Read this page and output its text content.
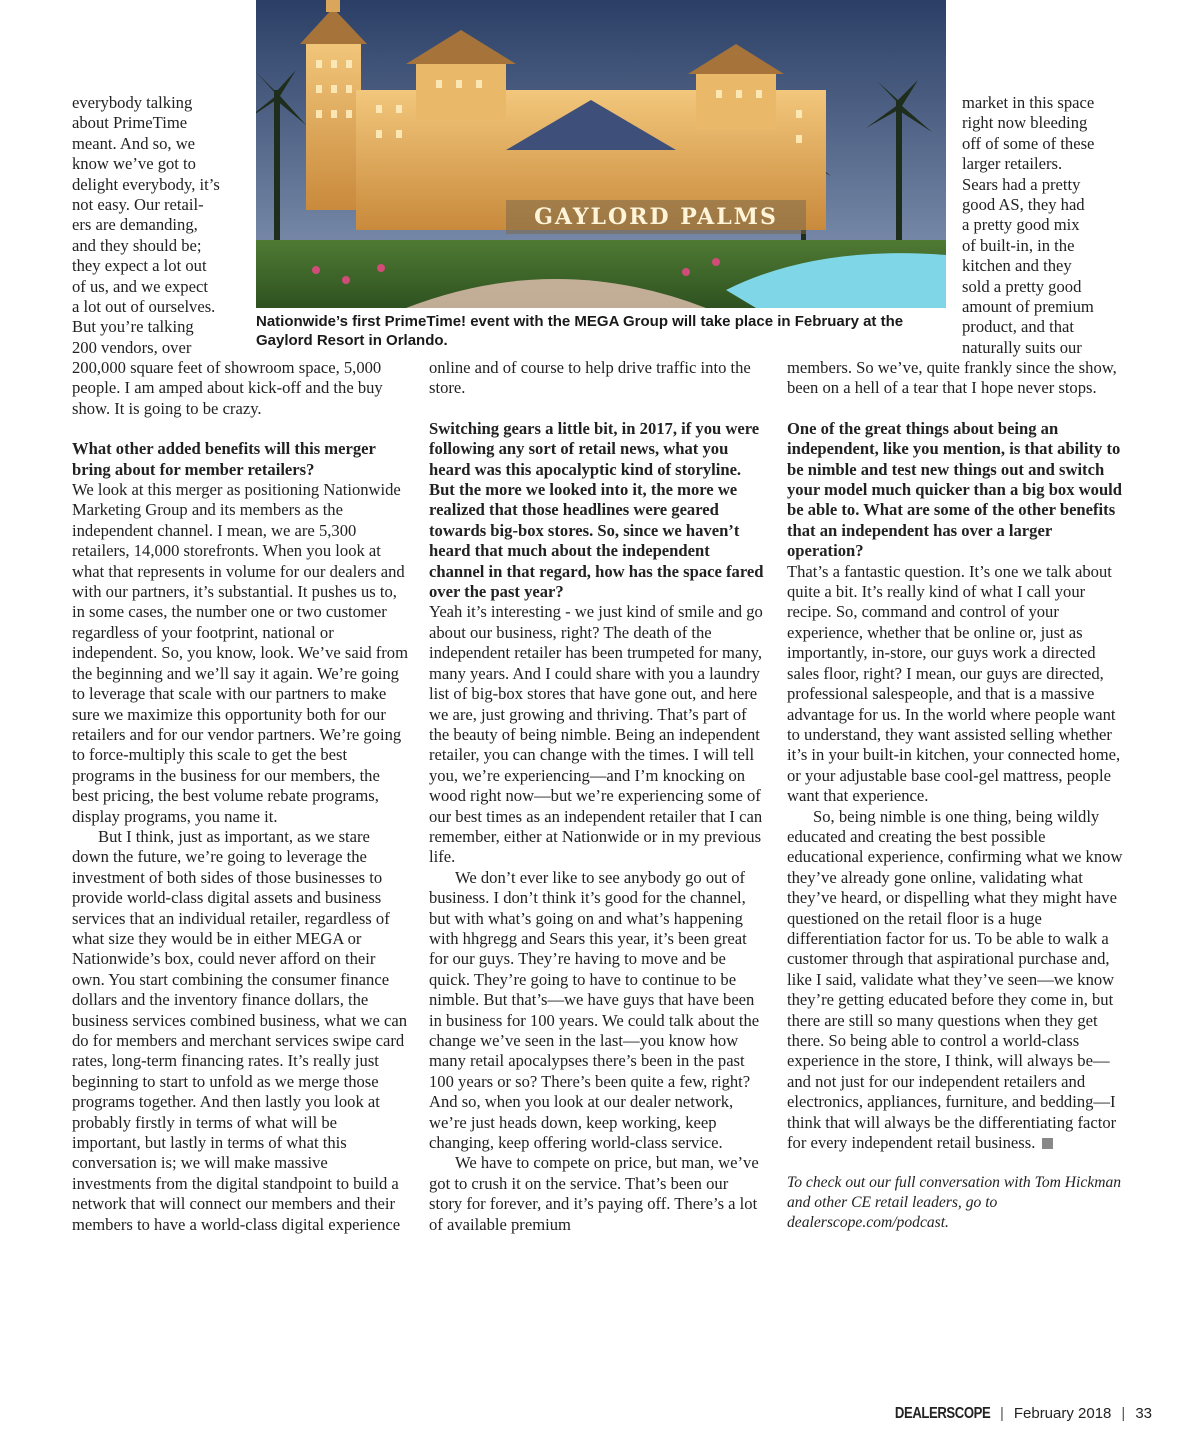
GAYLORD PALMS
Nationwide’s first PrimeTime! event with the MEGA Group will take place in February at the Gaylord Resort in Orlando.
everybody talking
about PrimeTime
meant. And so, we
know we’ve got to
delight everybody, it’s
not easy. Our retail-
ers are demanding,
and they should be;
they expect a lot out
of us, and we expect
a lot out of ourselves.
But you’re talking
200 vendors, over

200,000 square feet of showroom space, 5,000 people. I am amped about kick-off and the buy show. It is going to be crazy.

What other added benefits will this merger bring about for member retailers?

We look at this merger as positioning Nationwide Marketing Group and its members as the independent channel. I mean, we are 5,300 retailers, 14,000 storefronts. When you look at what that represents in volume for our dealers and with our partners, it’s substantial. It pushes us to, in some cases, the number one or two customer regardless of your footprint, national or independent. So, you know, look. We’ve said from the beginning and we’ll say it again. We’re going to leverage that scale with our partners to make sure we maximize this opportunity both for our retailers and for our vendor partners. We’re going to force-multiply this scale to get the best programs in the business for our members, the best pricing, the best volume rebate programs, display programs, you name it.

But I think, just as important, as we stare down the future, we’re going to leverage the investment of both sides of those businesses to provide world-class digital assets and business services that an individual retailer, regardless of what size they would be in either MEGA or Nationwide’s box, could never afford on their own. You start combining the consumer finance dollars and the inventory finance dollars, the business services combined business, what we can do for members and merchant services swipe card rates, long-term financing rates. It’s really just beginning to start to unfold as we merge those programs together. And then lastly you look at probably firstly in terms of what will be important, but lastly in terms of what this conversation is; we will make massive investments from the digital standpoint to build a network that will connect our members and their members to have a world-class digital experience

online and of course to help drive traffic into the store.

Switching gears a little bit, in 2017, if you were following any sort of retail news, what you heard was this apocalyptic kind of storyline. But the more we looked into it, the more we realized that those headlines were geared towards big-box stores. So, since we haven’t heard that much about the independent channel in that regard, how has the space fared over the past year?

Yeah it’s interesting - we just kind of smile and go about our business, right? The death of the independent retailer has been trumpeted for many, many years. And I could share with you a laundry list of big-box stores that have gone out, and here we are, just growing and thriving. That’s part of the beauty of being nimble. Being an independent retailer, you can change with the times. I will tell you, we’re experiencing—and I’m knocking on wood right now—but we’re experiencing some of our best times as an independent retailer that I can remember, either at Nationwide or in my previous life.

We don’t ever like to see anybody go out of business. I don’t think it’s good for the channel, but with what’s going on and what’s happening with hhgregg and Sears this year, it’s been great for our guys. They’re having to move and be quick. They’re going to have to continue to be nimble. But that’s—we have guys that have been in business for 100 years. We could talk about the change we’ve seen in the last—you know how many retail apocalypses there’s been in the past 100 years or so? There’s been quite a few, right? And so, when you look at our dealer network, we’re just heads down, keep working, keep changing, keep offering world-class service.

We have to compete on price, but man, we’ve got to crush it on the service. That’s been our story for forever, and it’s paying off. There’s a lot of available premium

market in this space
right now bleeding
off of some of these
larger retailers.
Sears had a pretty
good AS, they had
a pretty good mix
of built-in, in the
kitchen and they
sold a pretty good
amount of premium
product, and that
naturally suits our

members. So we’ve, quite frankly since the show, been on a hell of a tear that I hope never stops.

One of the great things about being an independent, like you mention, is that ability to be nimble and test new things out and switch your model much quicker than a big box would be able to. What are some of the other benefits that an independent has over a larger operation?

That’s a fantastic question. It’s one we talk about quite a bit. It’s really kind of what I call your recipe. So, command and control of your experience, whether that be online or, just as importantly, in-store, our guys work a directed sales floor, right? I mean, our guys are directed, professional salespeople, and that is a massive advantage for us. In the world where people want to understand, they want assisted selling whether it’s in your built-in kitchen, your connected home, or your adjustable base cool-gel mattress, people want that experience.

So, being nimble is one thing, being wildly educated and creating the best possible educational experience, confirming what we know they’ve already gone online, validating what they’ve heard, or dispelling what they might have questioned on the retail floor is a huge differentiation factor for us. To be able to walk a customer through that aspirational purchase and, like I said, validate what they’ve seen—we know they’re getting educated before they come in, but there are still so many questions when they get there. So being able to control a world-class experience in the store, I think, will always be—and not just for our independent retailers and electronics, appliances, furniture, and bedding—I think that will always be the differentiating factor for every independent retail business.

To check out our full conversation with Tom Hickman and other CE retail leaders, go to dealerscope.com/podcast.

DEALERSCOPE | February 2018 | 33
